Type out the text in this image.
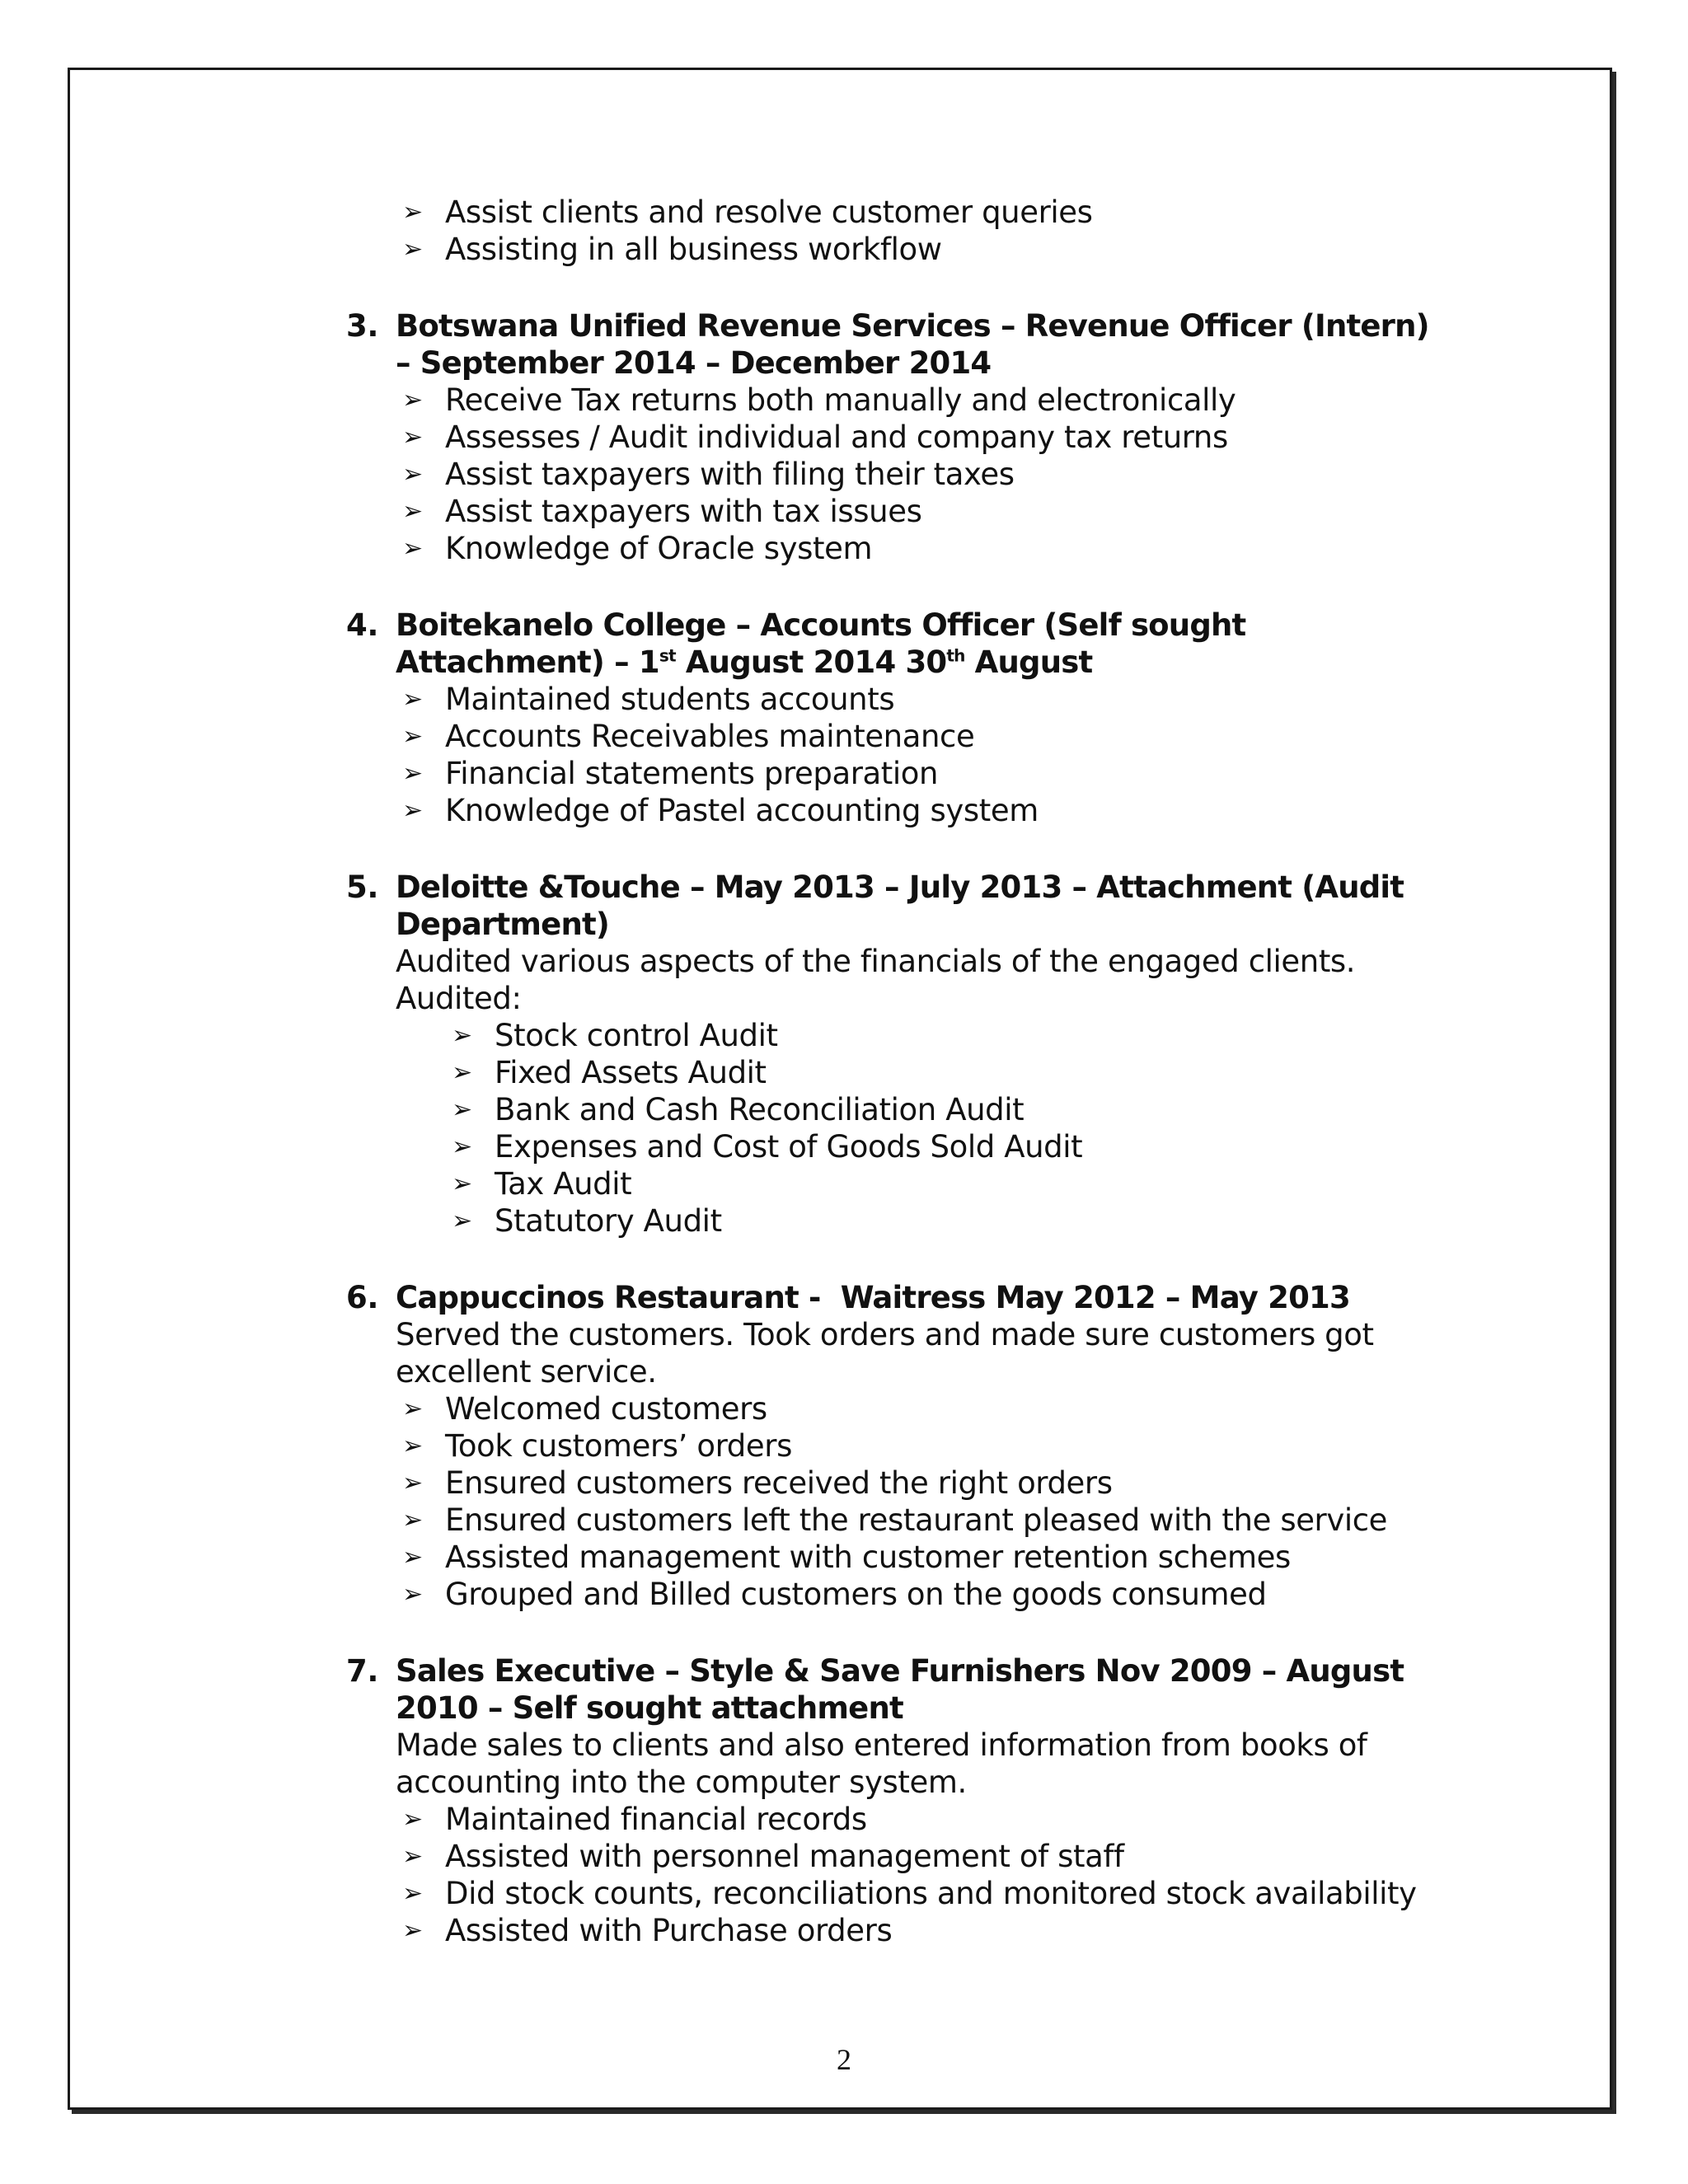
➢ Assist clients and resolve customer queries
➢ Assisting in all business workflow
3. Botswana Unified Revenue Services – Revenue Officer (Intern) – September 2014 – December 2014
➢ Receive Tax returns both manually and electronically
➢ Assesses / Audit individual and company tax returns
➢ Assist taxpayers with filing their taxes
➢ Assist taxpayers with tax issues
➢ Knowledge of Oracle system
4. Boitekanelo College – Accounts Officer (Self sought Attachment) – 1st August 2014 30th August
➢ Maintained students accounts
➢ Accounts Receivables maintenance
➢ Financial statements preparation
➢ Knowledge of Pastel accounting system
5. Deloitte &Touche – May 2013 – July 2013 – Attachment (Audit Department)
Audited various aspects of the financials of the engaged clients. Audited:
➢ Stock control Audit
➢ Fixed Assets Audit
➢ Bank and Cash Reconciliation Audit
➢ Expenses and Cost of Goods Sold Audit
➢ Tax Audit
➢ Statutory Audit
6. Cappuccinos Restaurant -  Waitress May 2012 – May 2013
Served the customers. Took orders and made sure customers got excellent service.
➢ Welcomed customers
➢ Took customers’ orders
➢ Ensured customers received the right orders
➢ Ensured customers left the restaurant pleased with the service
➢ Assisted management with customer retention schemes
➢ Grouped and Billed customers on the goods consumed
7. Sales Executive – Style & Save Furnishers Nov 2009 – August 2010 – Self sought attachment
Made sales to clients and also entered information from books of accounting into the computer system.
➢ Maintained financial records
➢ Assisted with personnel management of staff
➢ Did stock counts, reconciliations and monitored stock availability
➢ Assisted with Purchase orders
2
